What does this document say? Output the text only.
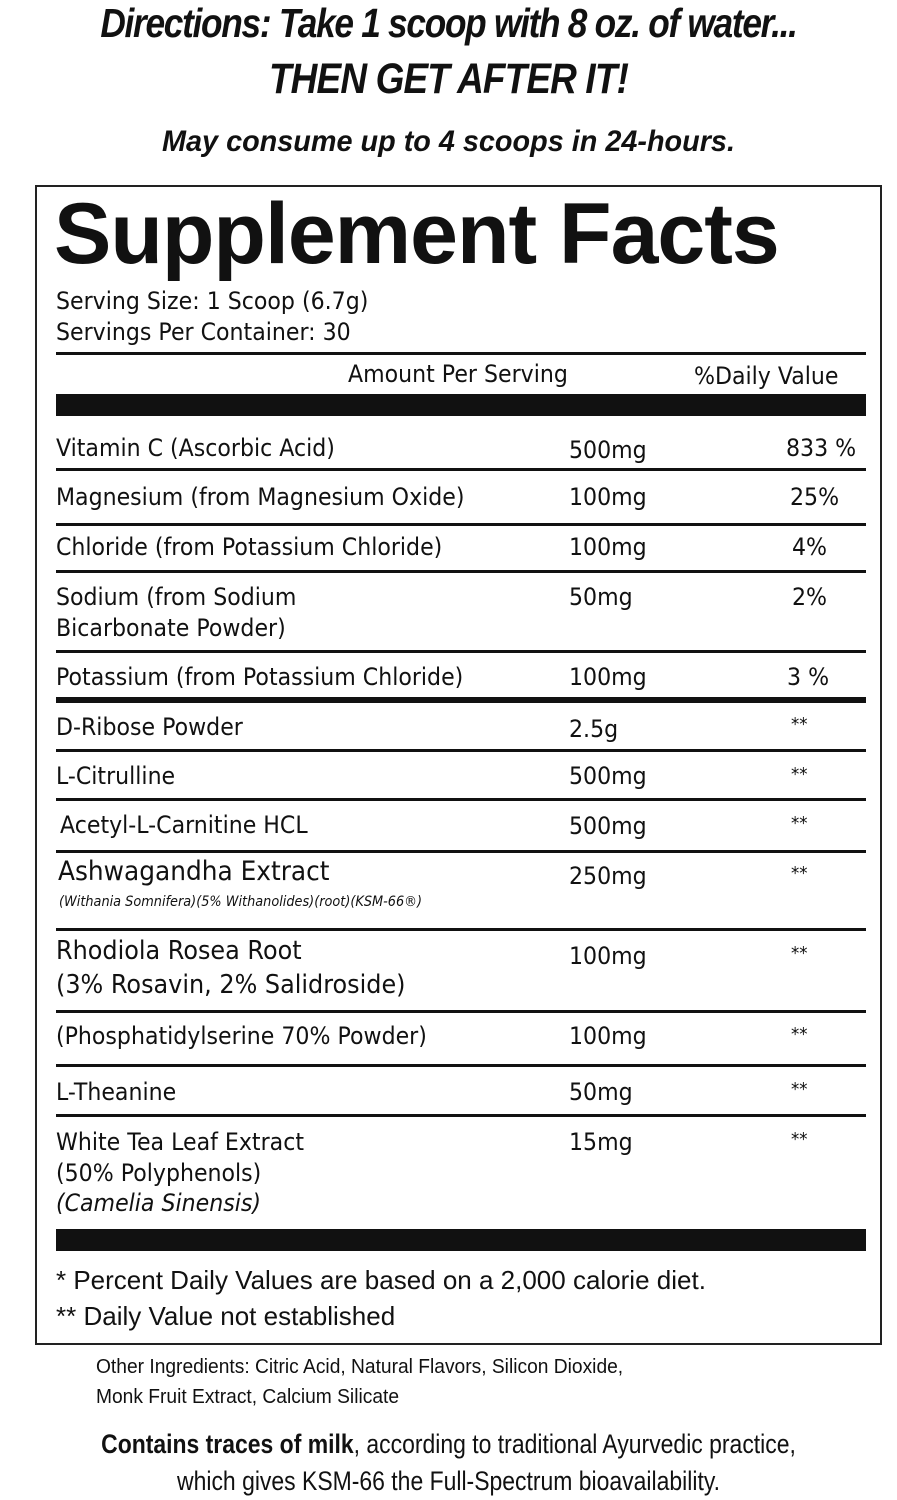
Directions: Take 1 scoop with 8 oz. of water...
THEN GET AFTER IT!
May consume up to 4 scoops in 24-hours.
Supplement Facts
Serving Size: 1 Scoop (6.7g)
Servings Per Container: 30
Amount Per Serving	%Daily Value
Vitamin C (Ascorbic Acid)	500mg	833 %
Magnesium (from Magnesium Oxide)	100mg	25%
Chloride (from Potassium Chloride)	100mg	4%
Sodium (from Sodium
Bicarbonate Powder)
50mg	2%
Potassium (from Potassium Chloride)	100mg	3 %
D-Ribose Powder	2.5g	**
L-Citrulline	500mg	**
Acetyl-L-Carnitine HCL	500mg	**
Ashwagandha Extract
(Withania Somnifera)(5% Withanolides)(root)(KSM-66®)
250mg	**
Rhodiola Rosea Root
(3% Rosavin, 2% Salidroside)
100mg	**
(Phosphatidylserine 70% Powder)	100mg	**
L-Theanine	50mg	**
White Tea Leaf Extract
(50% Polyphenols)
(Camelia Sinensis)
15mg	**
* Percent Daily Values are based on a 2,000 calorie diet.
** Daily Value not established
Other Ingredients: Citric Acid, Natural Flavors, Silicon Dioxide,
Monk Fruit Extract, Calcium Silicate
Contains traces of milk, according to traditional Ayurvedic practice,
which gives KSM-66 the Full-Spectrum bioavailability.
